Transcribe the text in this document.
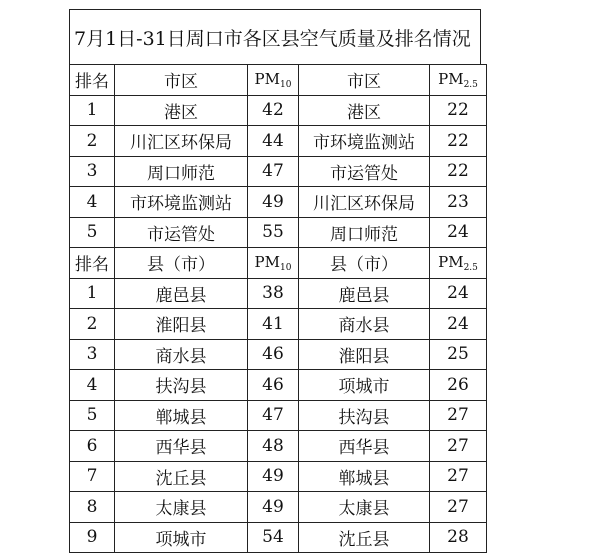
7月1日-31日周口市各区县空气质量及排名情况
排名	市区	$PM_{10}$	市区	$PM_{2.5}$
1	港区	42	港区	22
2	川汇区环保局	44	市环境监测站	22
3	周口师范	47	市运管处	22
4	市环境监测站	49	川汇区环保局	23
5	市运管处	55	周口师范	24
排名	县（市）	$PM_{10}$	县（市）	$PM_{2.5}$
1	鹿邑县	38	鹿邑县	24
2	淮阳县	41	商水县	24
3	商水县	46	淮阳县	25
4	扶沟县	46	项城市	26
5	郸城县	47	扶沟县	27
6	西华县	48	西华县	27
7	沈丘县	49	郸城县	27
8	太康县	49	太康县	27
9	项城市	54	沈丘县	28
